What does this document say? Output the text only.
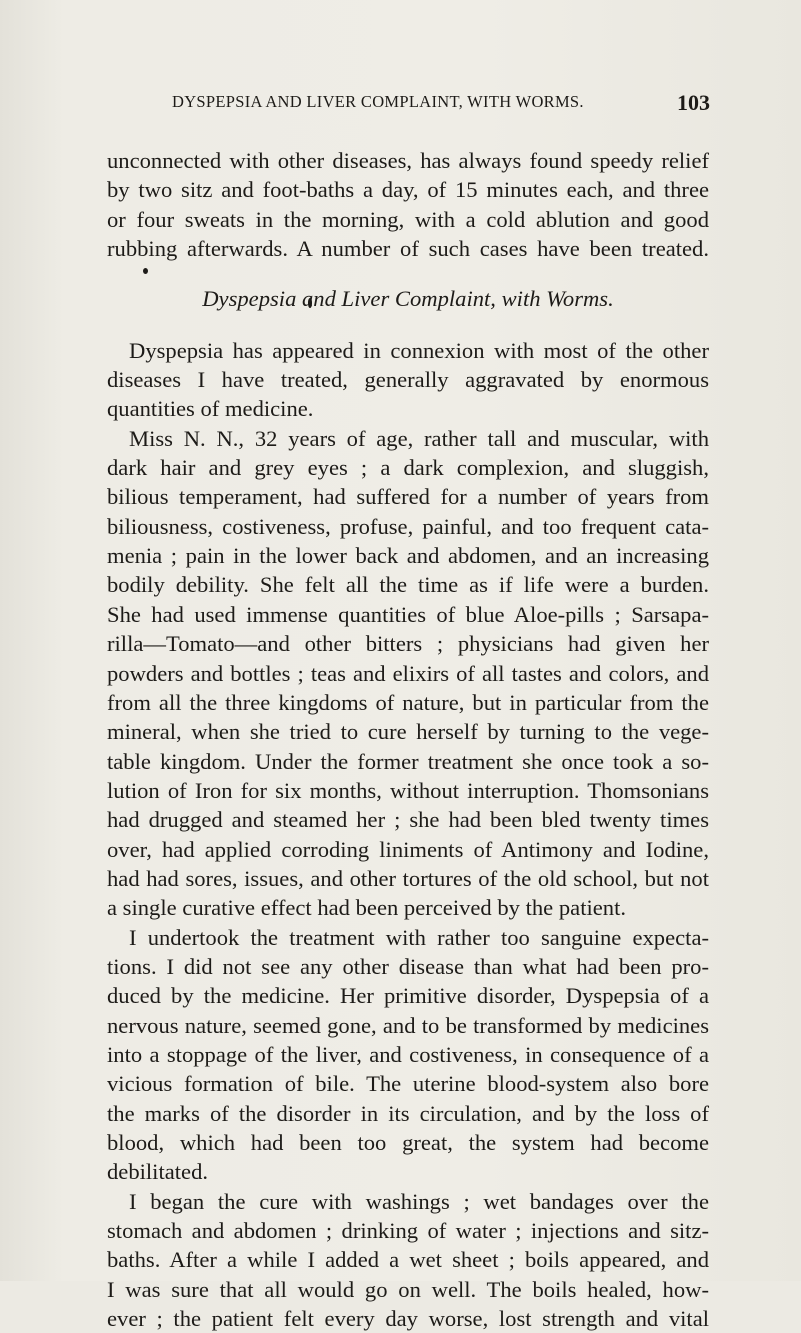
DYSPEPSIA AND LIVER COMPLAINT, WITH WORMS.	103
unconnected with other diseases, has always found speedy relief
by two sitz and foot-baths a day, of 15 minutes each, and three
or four sweats in the morning, with a cold ablution and good
rubbing afterwards. A number of such cases have been treated.
Dyspepsia and Liver Complaint, with Worms.
Dyspepsia has appeared in connexion with most of the other
diseases I have treated, generally aggravated by enormous
quantities of medicine.
Miss N. N., 32 years of age, rather tall and muscular, with
dark hair and grey eyes ; a dark complexion, and sluggish,
bilious temperament, had suffered for a number of years from
biliousness, costiveness, profuse, painful, and too frequent cata-
menia ; pain in the lower back and abdomen, and an increasing
bodily debility. She felt all the time as if life were a burden.
She had used immense quantities of blue Aloe-pills ; Sarsapa-
rilla—Tomato—and other bitters ; physicians had given her
powders and bottles ; teas and elixirs of all tastes and colors, and
from all the three kingdoms of nature, but in particular from the
mineral, when she tried to cure herself by turning to the vege-
table kingdom. Under the former treatment she once took a so-
lution of Iron for six months, without interruption. Thomsonians
had drugged and steamed her ; she had been bled twenty times
over, had applied corroding liniments of Antimony and Iodine,
had had sores, issues, and other tortures of the old school, but not
a single curative effect had been perceived by the patient.
I undertook the treatment with rather too sanguine expecta-
tions. I did not see any other disease than what had been pro-
duced by the medicine. Her primitive disorder, Dyspepsia of a
nervous nature, seemed gone, and to be transformed by medicines
into a stoppage of the liver, and costiveness, in consequence of a
vicious formation of bile. The uterine blood-system also bore
the marks of the disorder in its circulation, and by the loss of
blood, which had been too great, the system had become
debilitated.
I began the cure with washings ; wet bandages over the
stomach and abdomen ; drinking of water ; injections and sitz-
baths. After a while I added a wet sheet ; boils appeared, and
I was sure that all would go on well. The boils healed, how-
ever ; the patient felt every day worse, lost strength and vital
